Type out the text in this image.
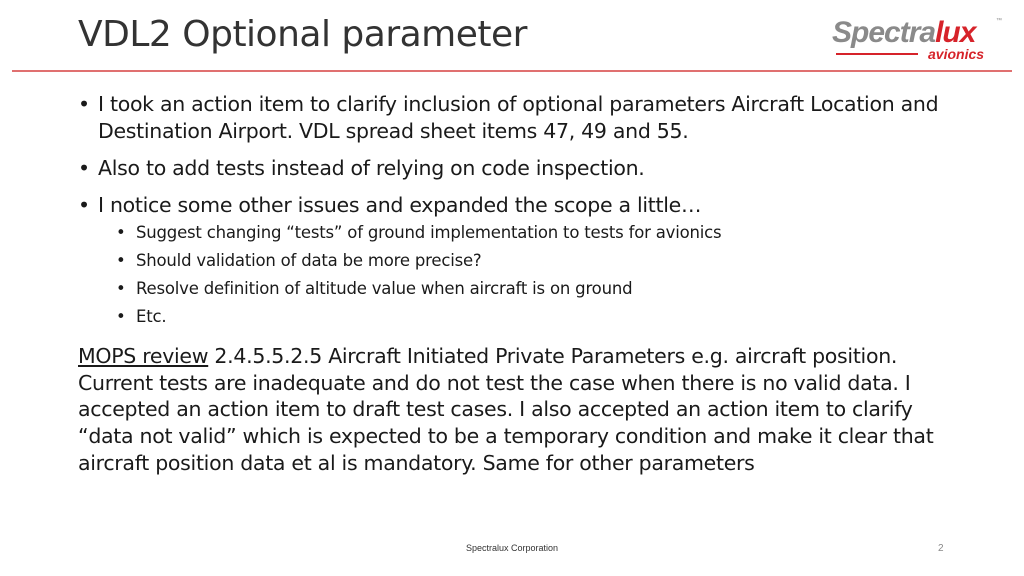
VDL2 Optional parameter	Spectralux	™
avionics
• I took an action item to clarify inclusion of optional parameters Aircraft Location and Destination Airport. VDL spread sheet items 47, 49 and 55.
• Also to add tests instead of relying on code inspection.
• I notice some other issues and expanded the scope a little…
• Suggest changing “tests” of ground implementation to tests for avionics
• Should validation of data be more precise?
• Resolve definition of altitude value when aircraft is on ground
• Etc.
MOPS review 2.4.5.5.2.5 Aircraft Initiated Private Parameters e.g. aircraft position. Current tests are inadequate and do not test the case when there is no valid data. I accepted an action item to draft test cases. I also accepted an action item to clarify “data not valid” which is expected to be a temporary condition and make it clear that aircraft position data et al is mandatory. Same for other parameters
Spectralux Corporation	2
